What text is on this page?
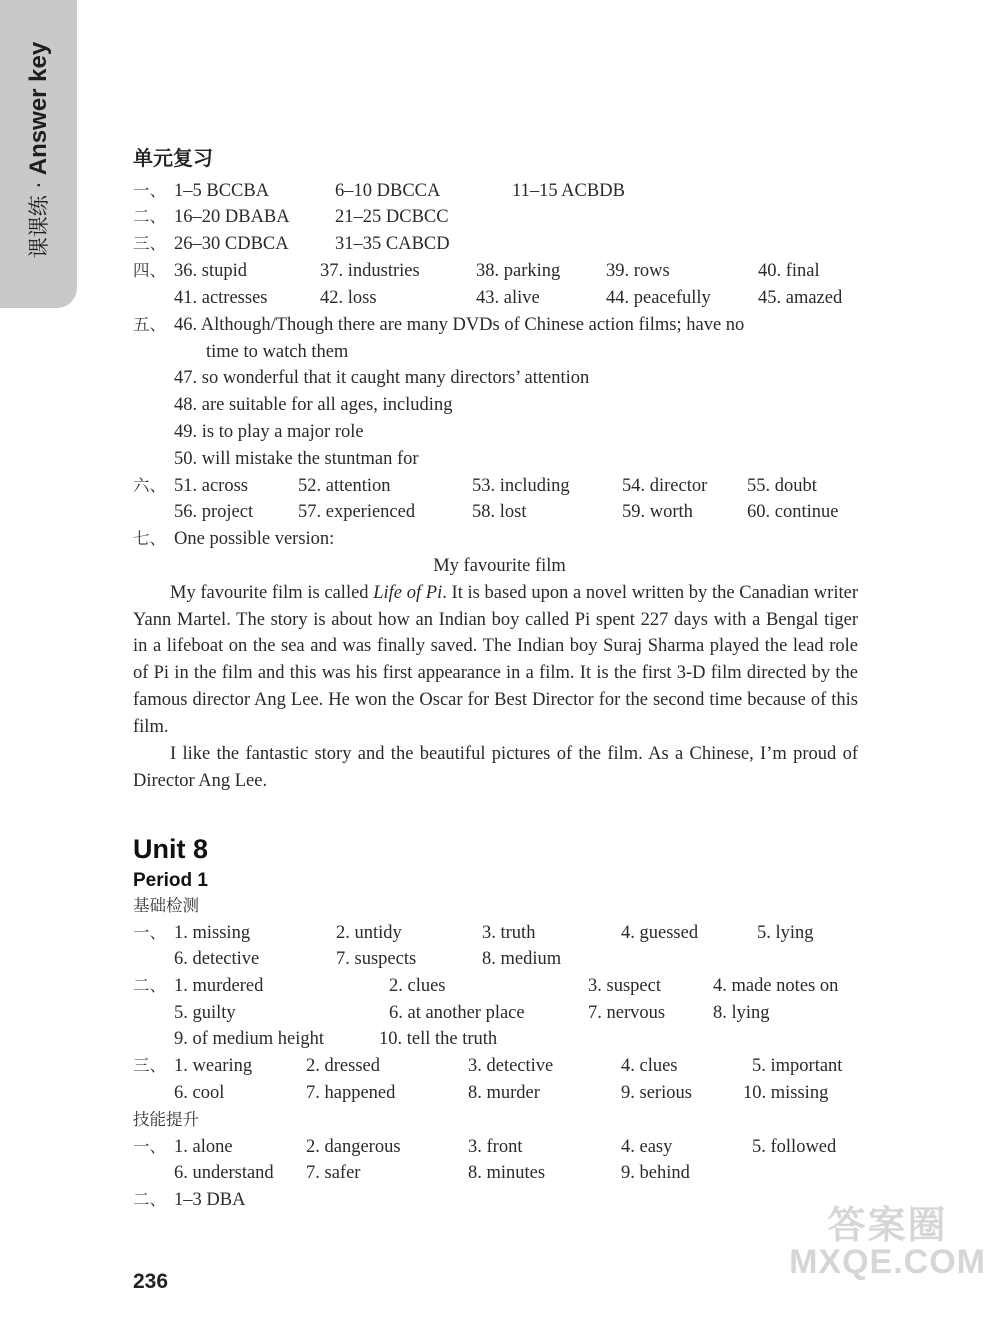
课课练 · Answer key	单元复习
一、 1–5 BCCBA	6–10 DBCCA	11–15 ACBDB
二、 16–20 DBABA 21–25 DCBCC
三、 26–30 CDBCA	31–35 CABCD
四、 36. stupid	37. industries	38. parking 39. rows	40. final
41. actresses	42. loss	43. alive	44. peacefully	45. amazed
五、 46. Although/Though there are many DVDs of Chinese action films; have no
time to watch them
47. so wonderful that it caught many directors’ attention
48. are suitable for all ages, including
49. is to play a major role
50. will mistake the stuntman for
六、 51. across	52. attention	53. including	54. director 55. doubt
56. project 57. experienced	58. lost	59. worth	60. continue
七、 One possible version:
My favourite film
My favourite film is called Life of Pi. It is based upon a novel written by the Canadian writer Yann Martel. The story is about how an Indian boy called Pi spent 227 days with a Bengal tiger in a lifeboat on the sea and was finally saved. The Indian boy Suraj Sharma played the lead role of Pi in the film and this was his first appearance in a film. It is the first 3-D film directed by the famous director Ang Lee. He won the Oscar for Best Director for the second time because of this film.
I like the fantastic story and the beautiful pictures of the film. As a Chinese, I’m proud of Director Ang Lee.
Unit 8
Period 1
基础检测
一、 1. missing	2. untidy	3. truth	4. guessed	5. lying
6. detective	7. suspects	8. medium
二、 1. murdered	2. clues	3. suspect	4. made notes on
5. guilty	6. at another place	7. nervous	8. lying
9. of medium height	10. tell the truth
三、 1. wearing	2. dressed	3. detective	4. clues	5. important
6. cool	7. happened	8. murder	9. serious	10. missing
技能提升
一、 1. alone	2. dangerous	3. front	4. easy	5. followed
6. understand 7. safer	8. minutes	9. behind
二、 1–3 DBA
236
答案圈
MXQE.COM
